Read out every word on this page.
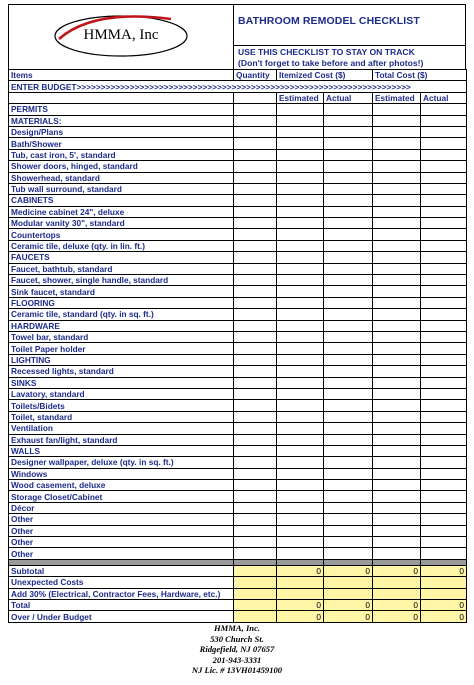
HMMA, Inc
BATHROOM REMODEL CHECKLIST
USE THIS CHECKLIST TO STAY ON TRACK
(Don't forget to take before and after photos!)
Items	Quantity	Itemized Cost ($)		Total Cost ($)	
ENTER BUDGET>>>>>>>>>>>>>>>>>>>>>>>>>>>>>>>>>>>>>>>>>>>>>>>>>>>>>>>>>>>>>>>>>>>>>					
		Estimated	Actual	Estimated	Actual
PERMITS					
MATERIALS:					
Design/Plans					
Bath/Shower					
Tub, cast iron, 5', standard					
Shower doors, hinged, standard					
Showerhead, standard					
Tub wall surround, standard					
CABINETS					
Medicine cabinet 24", deluxe					
Modular vanity 30", standard					
Countertops					
Ceramic tile, deluxe (qty. in lin. ft.)					
FAUCETS					
Faucet, bathtub, standard					
Faucet, shower, single handle, standard					
Sink faucet, standard					
FLOORING					
Ceramic tile, standard (qty. in sq. ft.)					
HARDWARE					
Towel bar, standard					
Toilet Paper holder					
LIGHTING					
Recessed lights, standard					
SINKS					
Lavatory, standard					
Toilets/Bidets					
Toilet, standard					
Ventilation					
Exhaust fan/light, standard					
WALLS					
Designer wallpaper, deluxe (qty. in sq. ft.)					
Windows					
Wood casement, deluxe					
Storage Closet/Cabinet					
Décor					
Other					
Other					
Other					
Other					

Subtotal		0	0	0	0
Unexpected Costs					
Add 30% (Electrical, Contractor Fees, Hardware, etc.)					
Total		0	0	0	0
Over / Under Budget		0	0	0	0
HMMA, Inc.
530 Church St.
Ridgefield, NJ 07657
201-943-3331
NJ Lic. # 13VH01459100
